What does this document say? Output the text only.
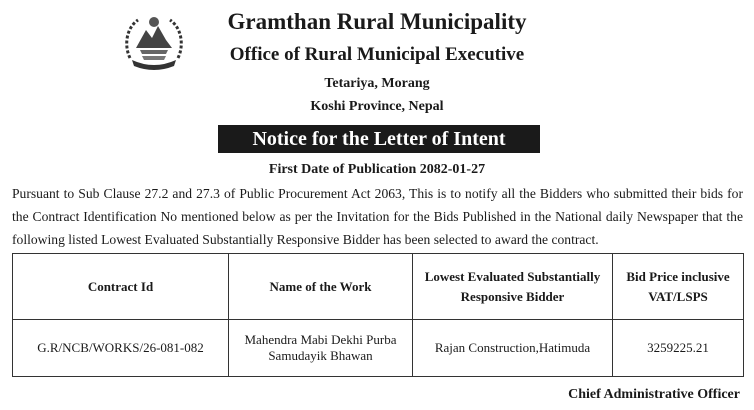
Gramthan Rural Municipality
Office of Rural Municipal Executive
Tetariya, Morang
Koshi Province, Nepal
Notice for the Letter of Intent
First Date of Publication 2082-01-27

Pursuant to Sub Clause 27.2 and 27.3 of Public Procurement Act 2063, This is to notify all the Bidders who submitted their bids for the Contract Identification No mentioned below as per the Invitation for the Bids Published in the National daily Newspaper that the following listed Lowest Evaluated Substantially Responsive Bidder has been selected to award the contract.

Contract Id	Name of the Work	Lowest Evaluated Substantially Responsive Bidder	Bid Price inclusive VAT/LSPS
G.R/NCB/WORKS/26-081-082	Mahendra Mabi Dekhi Purba Samudayik Bhawan	Rajan Construction,Hatimuda	3259225.21
Chief Administrative Officer
